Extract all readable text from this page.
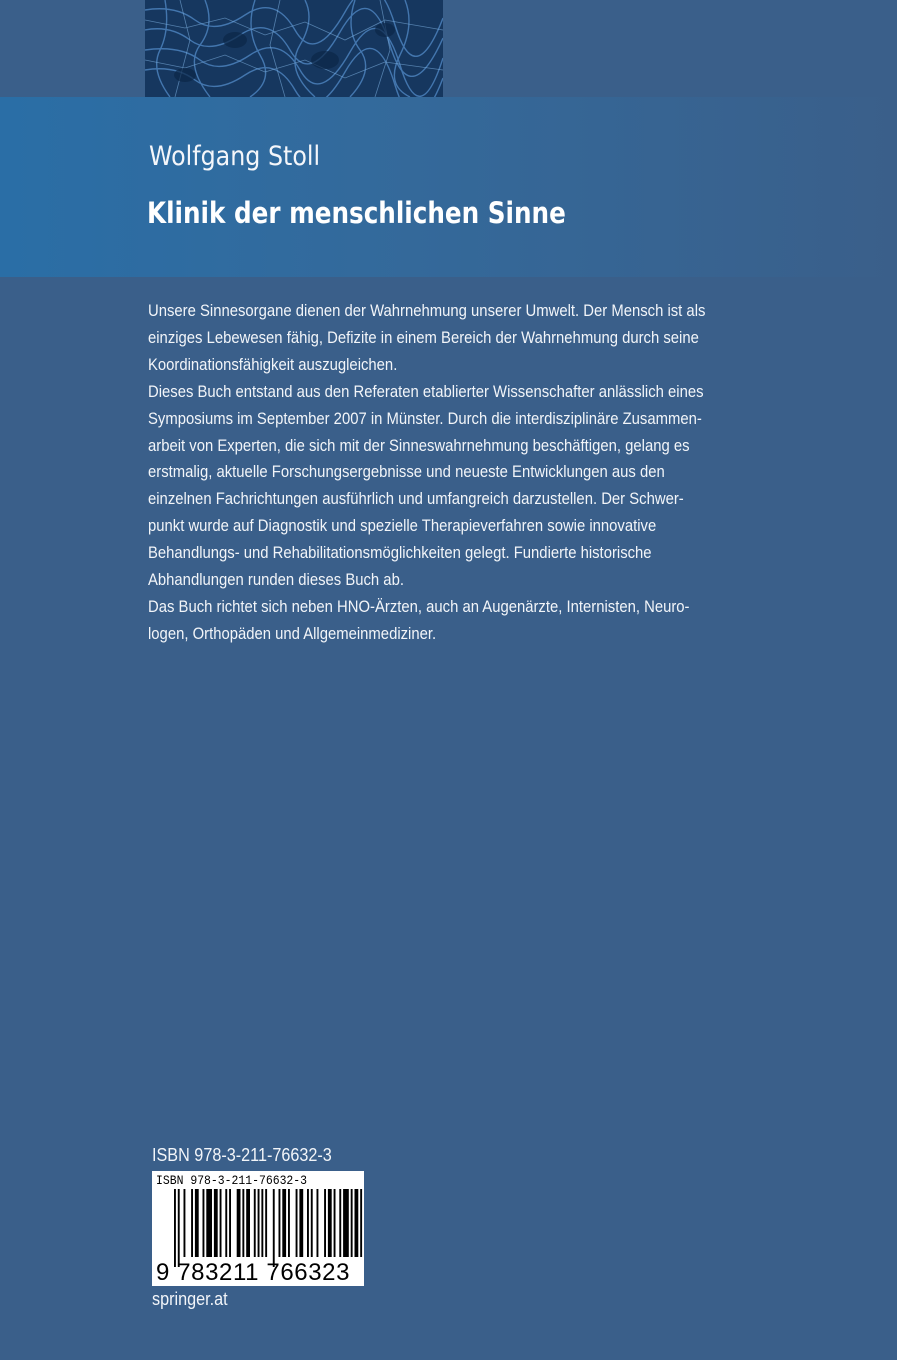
Wolfgang Stoll
Klinik der menschlichen Sinne
Unsere Sinnesorgane dienen der Wahrnehmung unserer Umwelt. Der Mensch ist als
einziges Lebewesen fähig, Defizite in einem Bereich der Wahrnehmung durch seine
Koordinationsfähigkeit auszugleichen.
Dieses Buch entstand aus den Referaten etablierter Wissenschafter anlässlich eines
Symposiums im September 2007 in Münster. Durch die interdisziplinäre Zusammen-
arbeit von Experten, die sich mit der Sinneswahrnehmung beschäftigen, gelang es
erstmalig, aktuelle Forschungsergebnisse und neueste Entwicklungen aus den
einzelnen Fachrichtungen ausführlich und umfangreich darzustellen. Der Schwer-
punkt wurde auf Diagnostik und spezielle Therapieverfahren sowie innovative
Behandlungs- und Rehabilitationsmöglichkeiten gelegt. Fundierte historische
Abhandlungen runden dieses Buch ab.
Das Buch richtet sich neben HNO-Ärzten, auch an Augenärzte, Internisten, Neuro-
logen, Orthopäden und Allgemeinmediziner.
ISBN 978-3-211-76632-3
ISBN 978-3-211-76632-3
9 783211 766323
springer.at
